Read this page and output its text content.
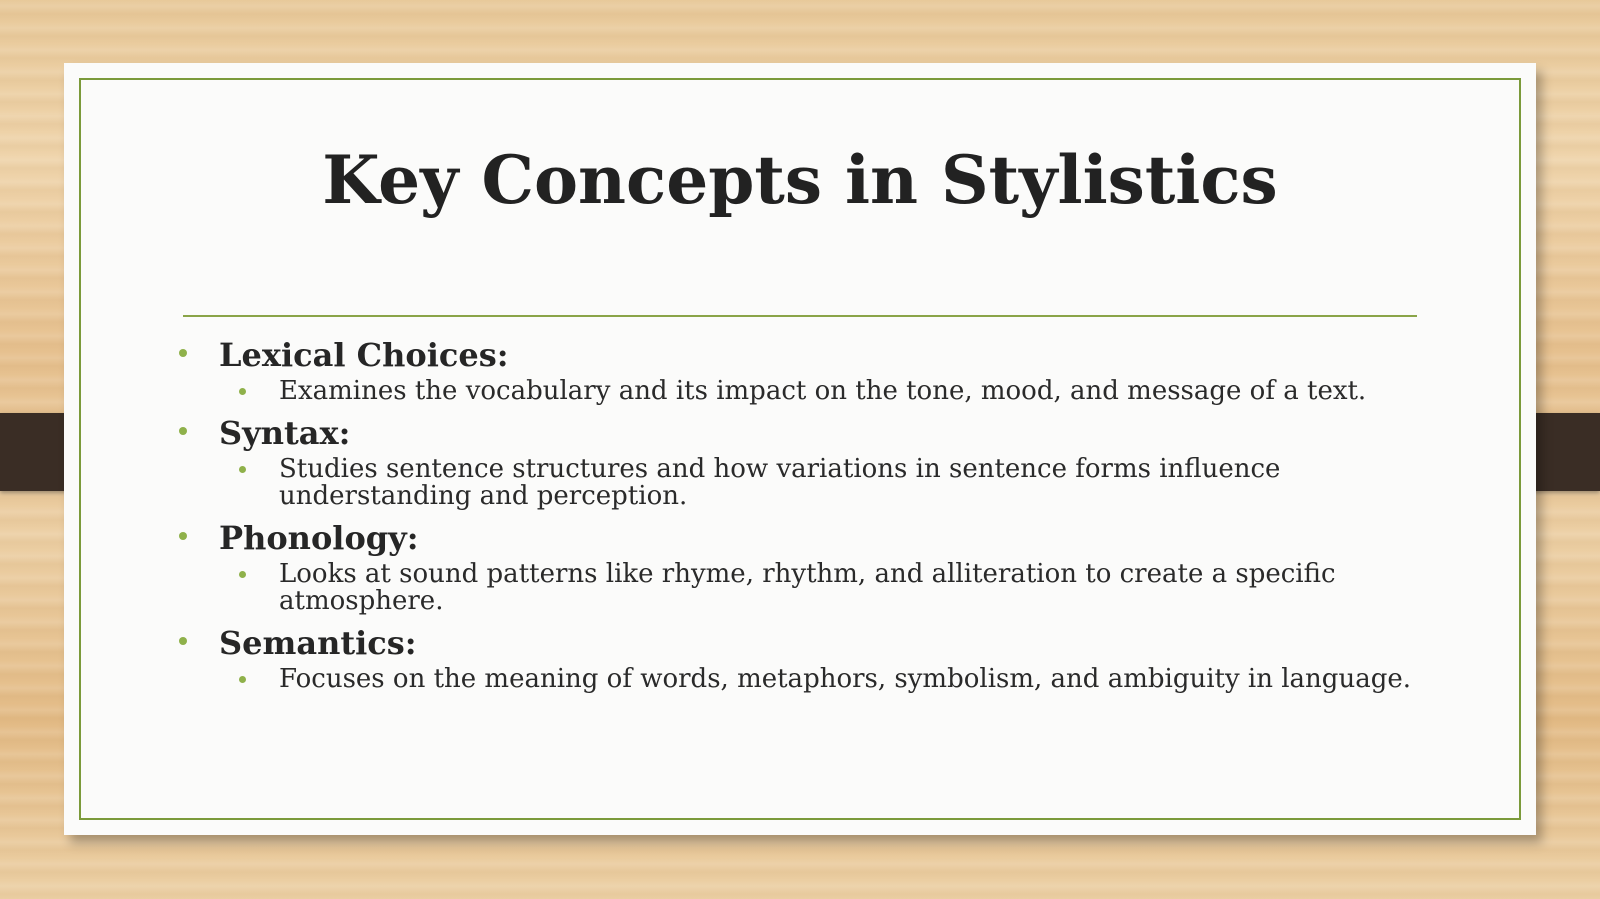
Key Concepts in Stylistics
Lexical Choices:
Examines the vocabulary and its impact on the tone, mood, and message of a text.
Syntax:
Studies sentence structures and how variations in sentence forms influence understanding and perception.
Phonology:
Looks at sound patterns like rhyme, rhythm, and alliteration to create a specific atmosphere.
Semantics:
Focuses on the meaning of words, metaphors, symbolism, and ambiguity in language.
